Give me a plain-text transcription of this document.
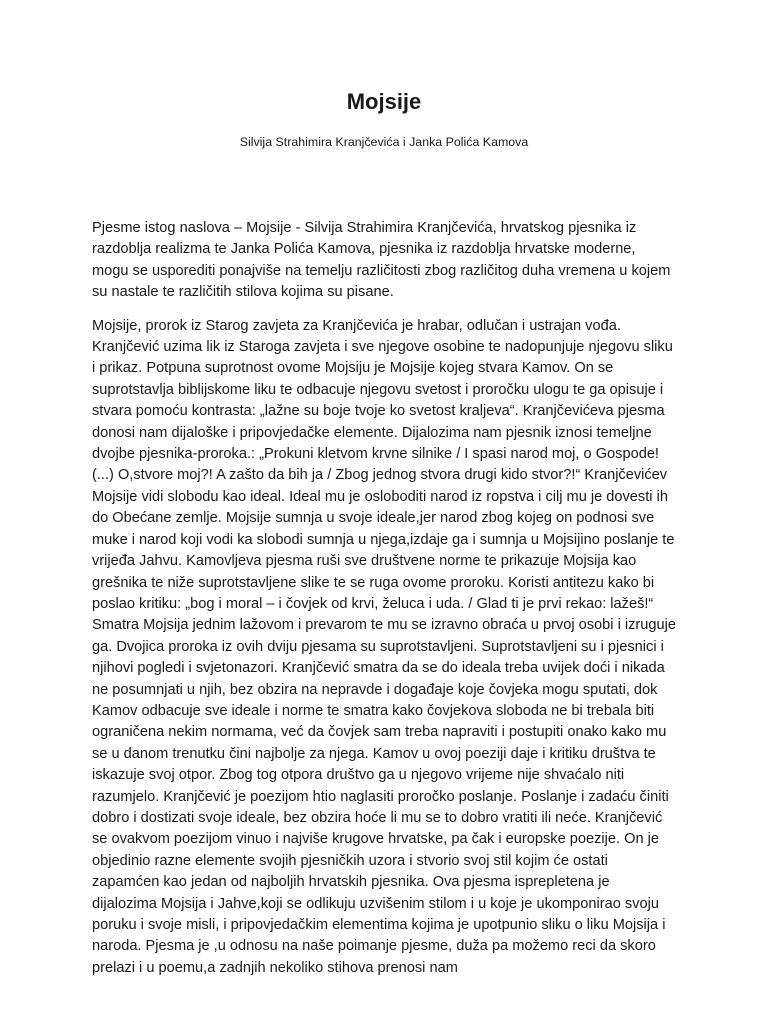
Mojsije
Silvija Strahimira Kranjčevića i Janka Polića Kamova

Pjesme istog naslova – Mojsije - Silvija Strahimira Kranjčevića, hrvatskog pjesnika iz razdoblja realizma te Janka Polića Kamova, pjesnika iz razdoblja hrvatske moderne, mogu se usporediti ponajviše na temelju različitosti zbog različitog duha vremena u kojem su nastale te različitih stilova kojima su pisane.

Mojsije, prorok iz Starog zavjeta za Kranjčevića je hrabar, odlučan i ustrajan vođa. Kranjčević uzima lik iz Staroga zavjeta i sve njegove osobine te nadopunjuje njegovu sliku i prikaz. Potpuna suprotnost ovome Mojsiju je Mojsije kojeg stvara Kamov. On se suprotstavlja biblijskome liku te odbacuje njegovu svetost i proročku ulogu te ga opisuje i stvara pomoću kontrasta: „lažne su boje tvoje ko svetost kraljeva“. Kranjčevićeva pjesma donosi nam dijaloške i pripovjedačke elemente. Dijalozima nam pjesnik iznosi temeljne dvojbe pjesnika-proroka.: „Prokuni kletvom krvne silnike / I spasi narod moj, o Gospode! (...) O,stvore moj?! A zašto da bih ja / Zbog jednog stvora drugi kido stvor?!“ Kranjčevićev Mojsije vidi slobodu kao ideal. Ideal mu je osloboditi narod iz ropstva i cilj mu je dovesti ih do Obećane zemlje. Mojsije sumnja u svoje ideale,jer narod zbog kojeg on podnosi sve muke i narod koji vodi ka slobodi sumnja u njega,izdaje ga i sumnja u Mojsijino poslanje te vrijeđa Jahvu. Kamovljeva pjesma ruši sve društvene norme te prikazuje Mojsija kao grešnika te niže suprotstavljene slike te se ruga ovome proroku. Koristi antitezu kako bi poslao kritiku: „bog i moral – i čovjek od krvi, želuca i uda. / Glad ti je prvi rekao: lažeš!“ Smatra Mojsija jednim lažovom i prevarom te mu se izravno obraća u prvoj osobi i izruguje ga. Dvojica proroka iz ovih dviju pjesama su suprotstavljeni. Suprotstavljeni su i pjesnici i njihovi pogledi i svjetonazori. Kranjčević smatra da se do ideala treba uvijek doći i nikada ne posumnjati u njih, bez obzira na nepravde i događaje koje čovjeka mogu sputati, dok Kamov odbacuje sve ideale i norme te smatra kako čovjekova sloboda ne bi trebala biti ograničena nekim normama, već da čovjek sam treba napraviti i postupiti onako kako mu se u danom trenutku čini najbolje za njega. Kamov u ovoj poeziji daje i kritiku društva te iskazuje svoj otpor. Zbog tog otpora društvo ga u njegovo vrijeme nije shvaćalo niti razumjelo. Kranjčević je poezijom htio naglasiti proročko poslanje. Poslanje i zadaću činiti dobro i dostizati svoje ideale, bez obzira hoće li mu se to dobro vratiti ili neće. Kranjčević se ovakvom poezijom vinuo i najviše krugove hrvatske, pa čak i europske poezije. On je objedinio razne elemente svojih pjesničkih uzora i stvorio svoj stil kojim će ostati zapamćen kao jedan od najboljih hrvatskih pjesnika. Ova pjesma isprepletena je dijalozima Mojsija i Jahve,koji se odlikuju uzvišenim stilom i u koje je ukomponirao svoju poruku i svoje misli, i pripovjedačkim elementima kojima je upotpunio sliku o liku Mojsija i naroda. Pjesma je ,u odnosu na naše poimanje pjesme, duža pa možemo reci da skoro prelazi i u poemu,a zadnjih nekoliko stihova prenosi nam
